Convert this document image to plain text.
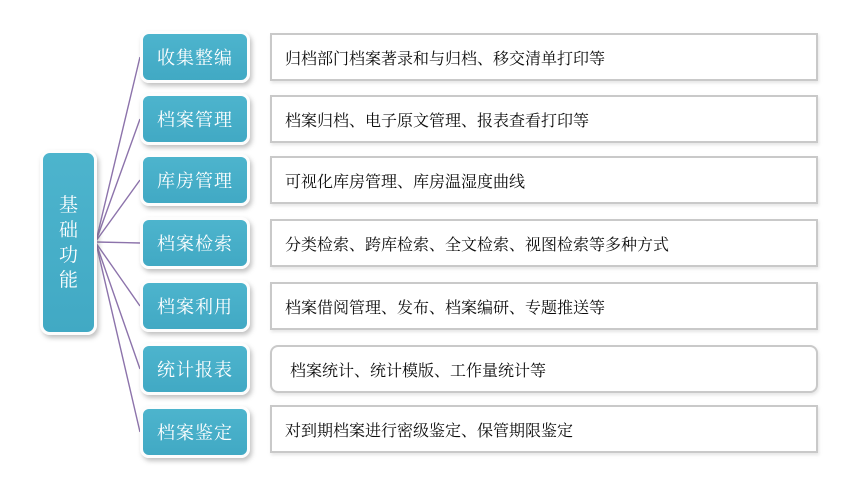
基础功能
收集整编	归档部门档案著录和与归档、移交清单打印等
档案管理	档案归档、电子原文管理、报表查看打印等
库房管理	可视化库房管理、库房温湿度曲线
档案检索	分类检索、跨库检索、全文检索、视图检索等多种方式
档案利用	档案借阅管理、发布、档案编研、专题推送等
统计报表	档案统计、统计模版、工作量统计等
档案鉴定	对到期档案进行密级鉴定、保管期限鉴定
